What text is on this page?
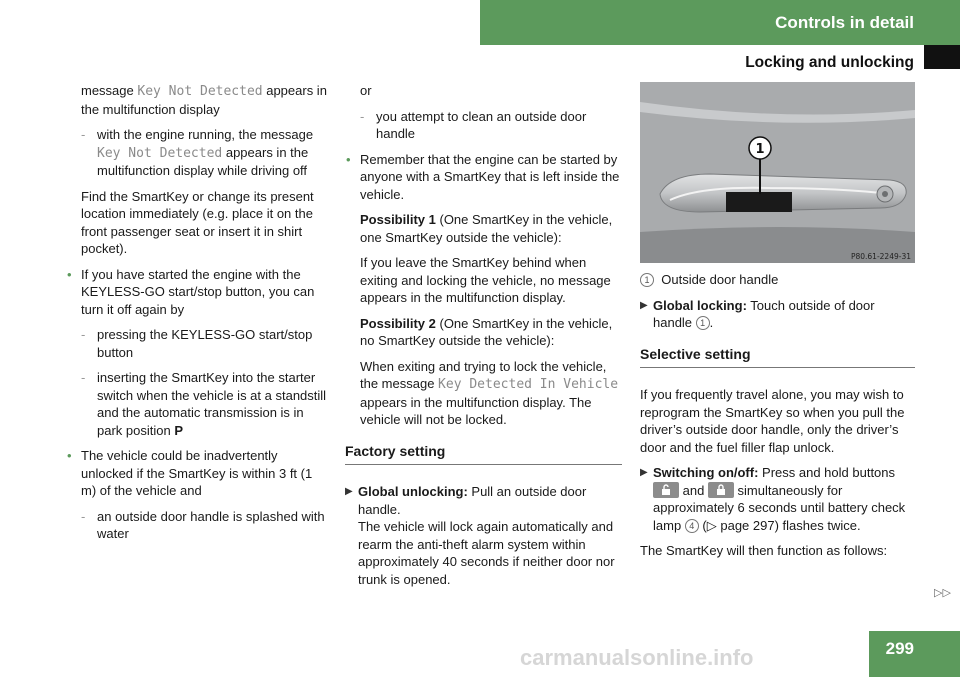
Controls in detail
Locking and unlocking

message Key Not Detected appears in the multifunction display

- with the engine running, the message Key Not Detected appears in the multifunction display while driving off

Find the SmartKey or change its present location immediately (e.g. place it on the front passenger seat or insert it in shirt pocket).

• If you have started the engine with the KEYLESS-GO start/stop button, you can turn it off again by

- pressing the KEYLESS-GO start/stop button

- inserting the SmartKey into the starter switch when the vehicle is at a standstill and the automatic transmission is in park position P

• The vehicle could be inadvertently unlocked if the SmartKey is within 3 ft (1 m) of the vehicle and

- an outside door handle is splashed with water

or

- you attempt to clean an outside door handle

• Remember that the engine can be started by anyone with a SmartKey that is left inside the vehicle.

Possibility 1 (One SmartKey in the vehicle, one SmartKey outside the vehicle):

If you leave the SmartKey behind when exiting and locking the vehicle, no message appears in the multifunction display.

Possibility 2 (One SmartKey in the vehicle, no SmartKey outside the vehicle):

When exiting and trying to lock the vehicle, the message Key Detected In Vehicle appears in the multifunction display. The vehicle will not be locked.

Factory setting

▶ Global unlocking: Pull an outside door handle.
The vehicle will lock again automatically and rearm the anti-theft alarm system within approximately 40 seconds if neither door nor trunk is opened.

1
P80.61-2249-31

1 Outside door handle

▶ Global locking: Touch outside of door handle 1 .

Selective setting

If you frequently travel alone, you may wish to reprogram the SmartKey so when you pull the driver’s outside door handle, only the driver’s door and the fuel filler flap unlock.

▶ Switching on/off: Press and hold buttons
and
simultaneously for approximately 6 seconds until battery check lamp 4 (▷ page 297) flashes twice.

The SmartKey will then function as follows:

▷▷
carmanualsonline.info	299
